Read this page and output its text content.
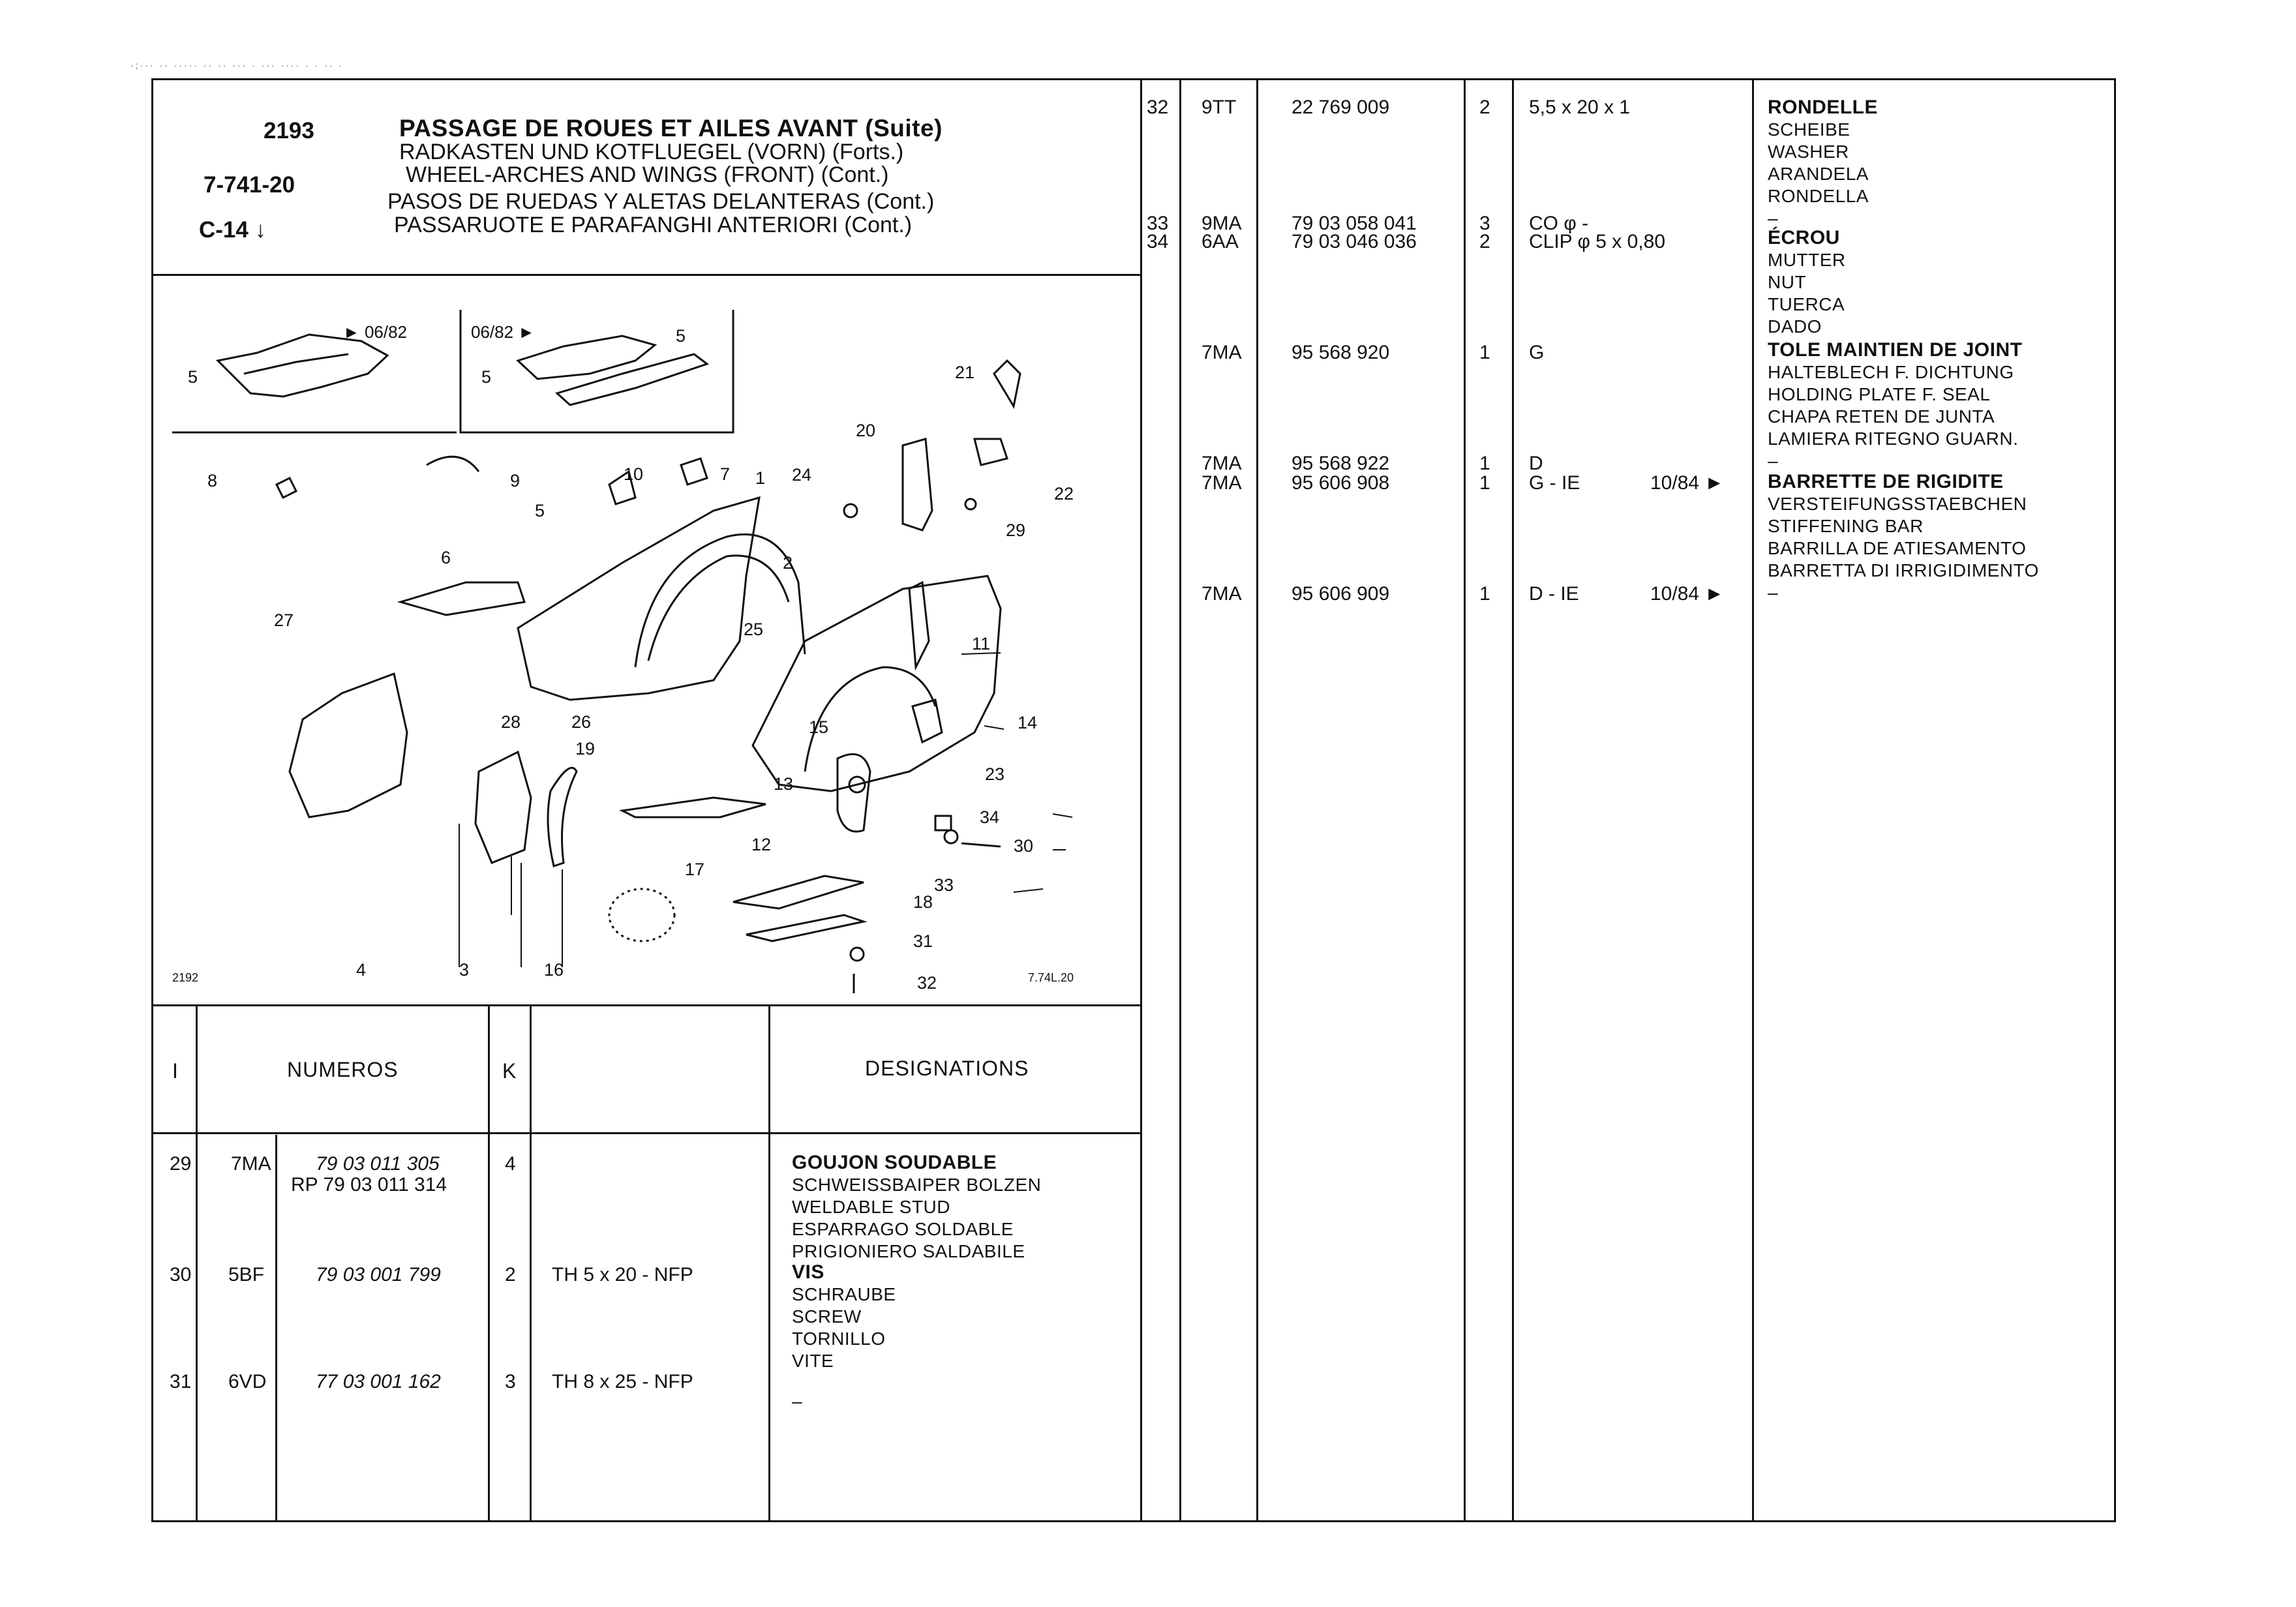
·;··· ·· ····· ·· ·· ··· · ··· ···· · · ·· ·
2193
7-741-20
C-14 ↓
PASSAGE DE ROUES ET AILES AVANT (Suite)
RADKASTEN UND KOTFLUEGEL (VORN) (Forts.)
WHEEL-ARCHES AND WINGS (FRONT) (Cont.)
PASOS DE RUEDAS Y ALETAS DELANTERAS (Cont.)
PASSARUOTE E PARAFANGHI ANTERIORI (Cont.)
1
2
3
4
5	5
5
5
6
7
8	9	10
11
12
13
14
15
16
17
18
19
20
21
22
23
24
25
26
27
28
29
30
31
32
33
34
► 06/82	06/82 ►
2192	7.74L.20
I	NUMEROS	K	DESIGNATIONS
29 7MA 79 03 011 305
RP 79 03 011 314
4	GOUJON SOUDABLE
SCHWEISSBAIPER BOLZEN
WELDABLE STUD
ESPARRAGO SOLDABLE
PRIGIONIERO SALDABILE
30 5BF	79 03 001 799	2 TH 5 x 20 - NFP	VIS
SCHRAUBE
SCREW
TORNILLO
VITE
31 6VD	77 03 001 162	3 TH 8 x 25 - NFP
–
32 9TT	22 769 009	2 5,5 x 20 x 1	RONDELLE
SCHEIBE
WASHER
ARANDELA
RONDELLA
–
33 9MA	79 03 058 041	3 CO φ -
ÉCROU
MUTTER
NUT
TUERCA
DADO
34 6AA	79 03 046 036	2 CLIP φ 5 x 0,80
7MA	95 568 920	1 G	TOLE MAINTIEN DE JOINT
HALTEBLECH F. DICHTUNG
HOLDING PLATE F. SEAL
CHAPA RETEN DE JUNTA
LAMIERA RITEGNO GUARN.
–
7MA	95 568 922	1 D
7MA	95 606 908	1 G - IE	10/84 ► BARRETTE DE RIGIDITE
VERSTEIFUNGSSTAEBCHEN
STIFFENING BAR
BARRILLA DE ATIESAMENTO
BARRETTA DI IRRIGIDIMENTO
–
7MA	95 606 909	1 D - IE	10/84 ►
